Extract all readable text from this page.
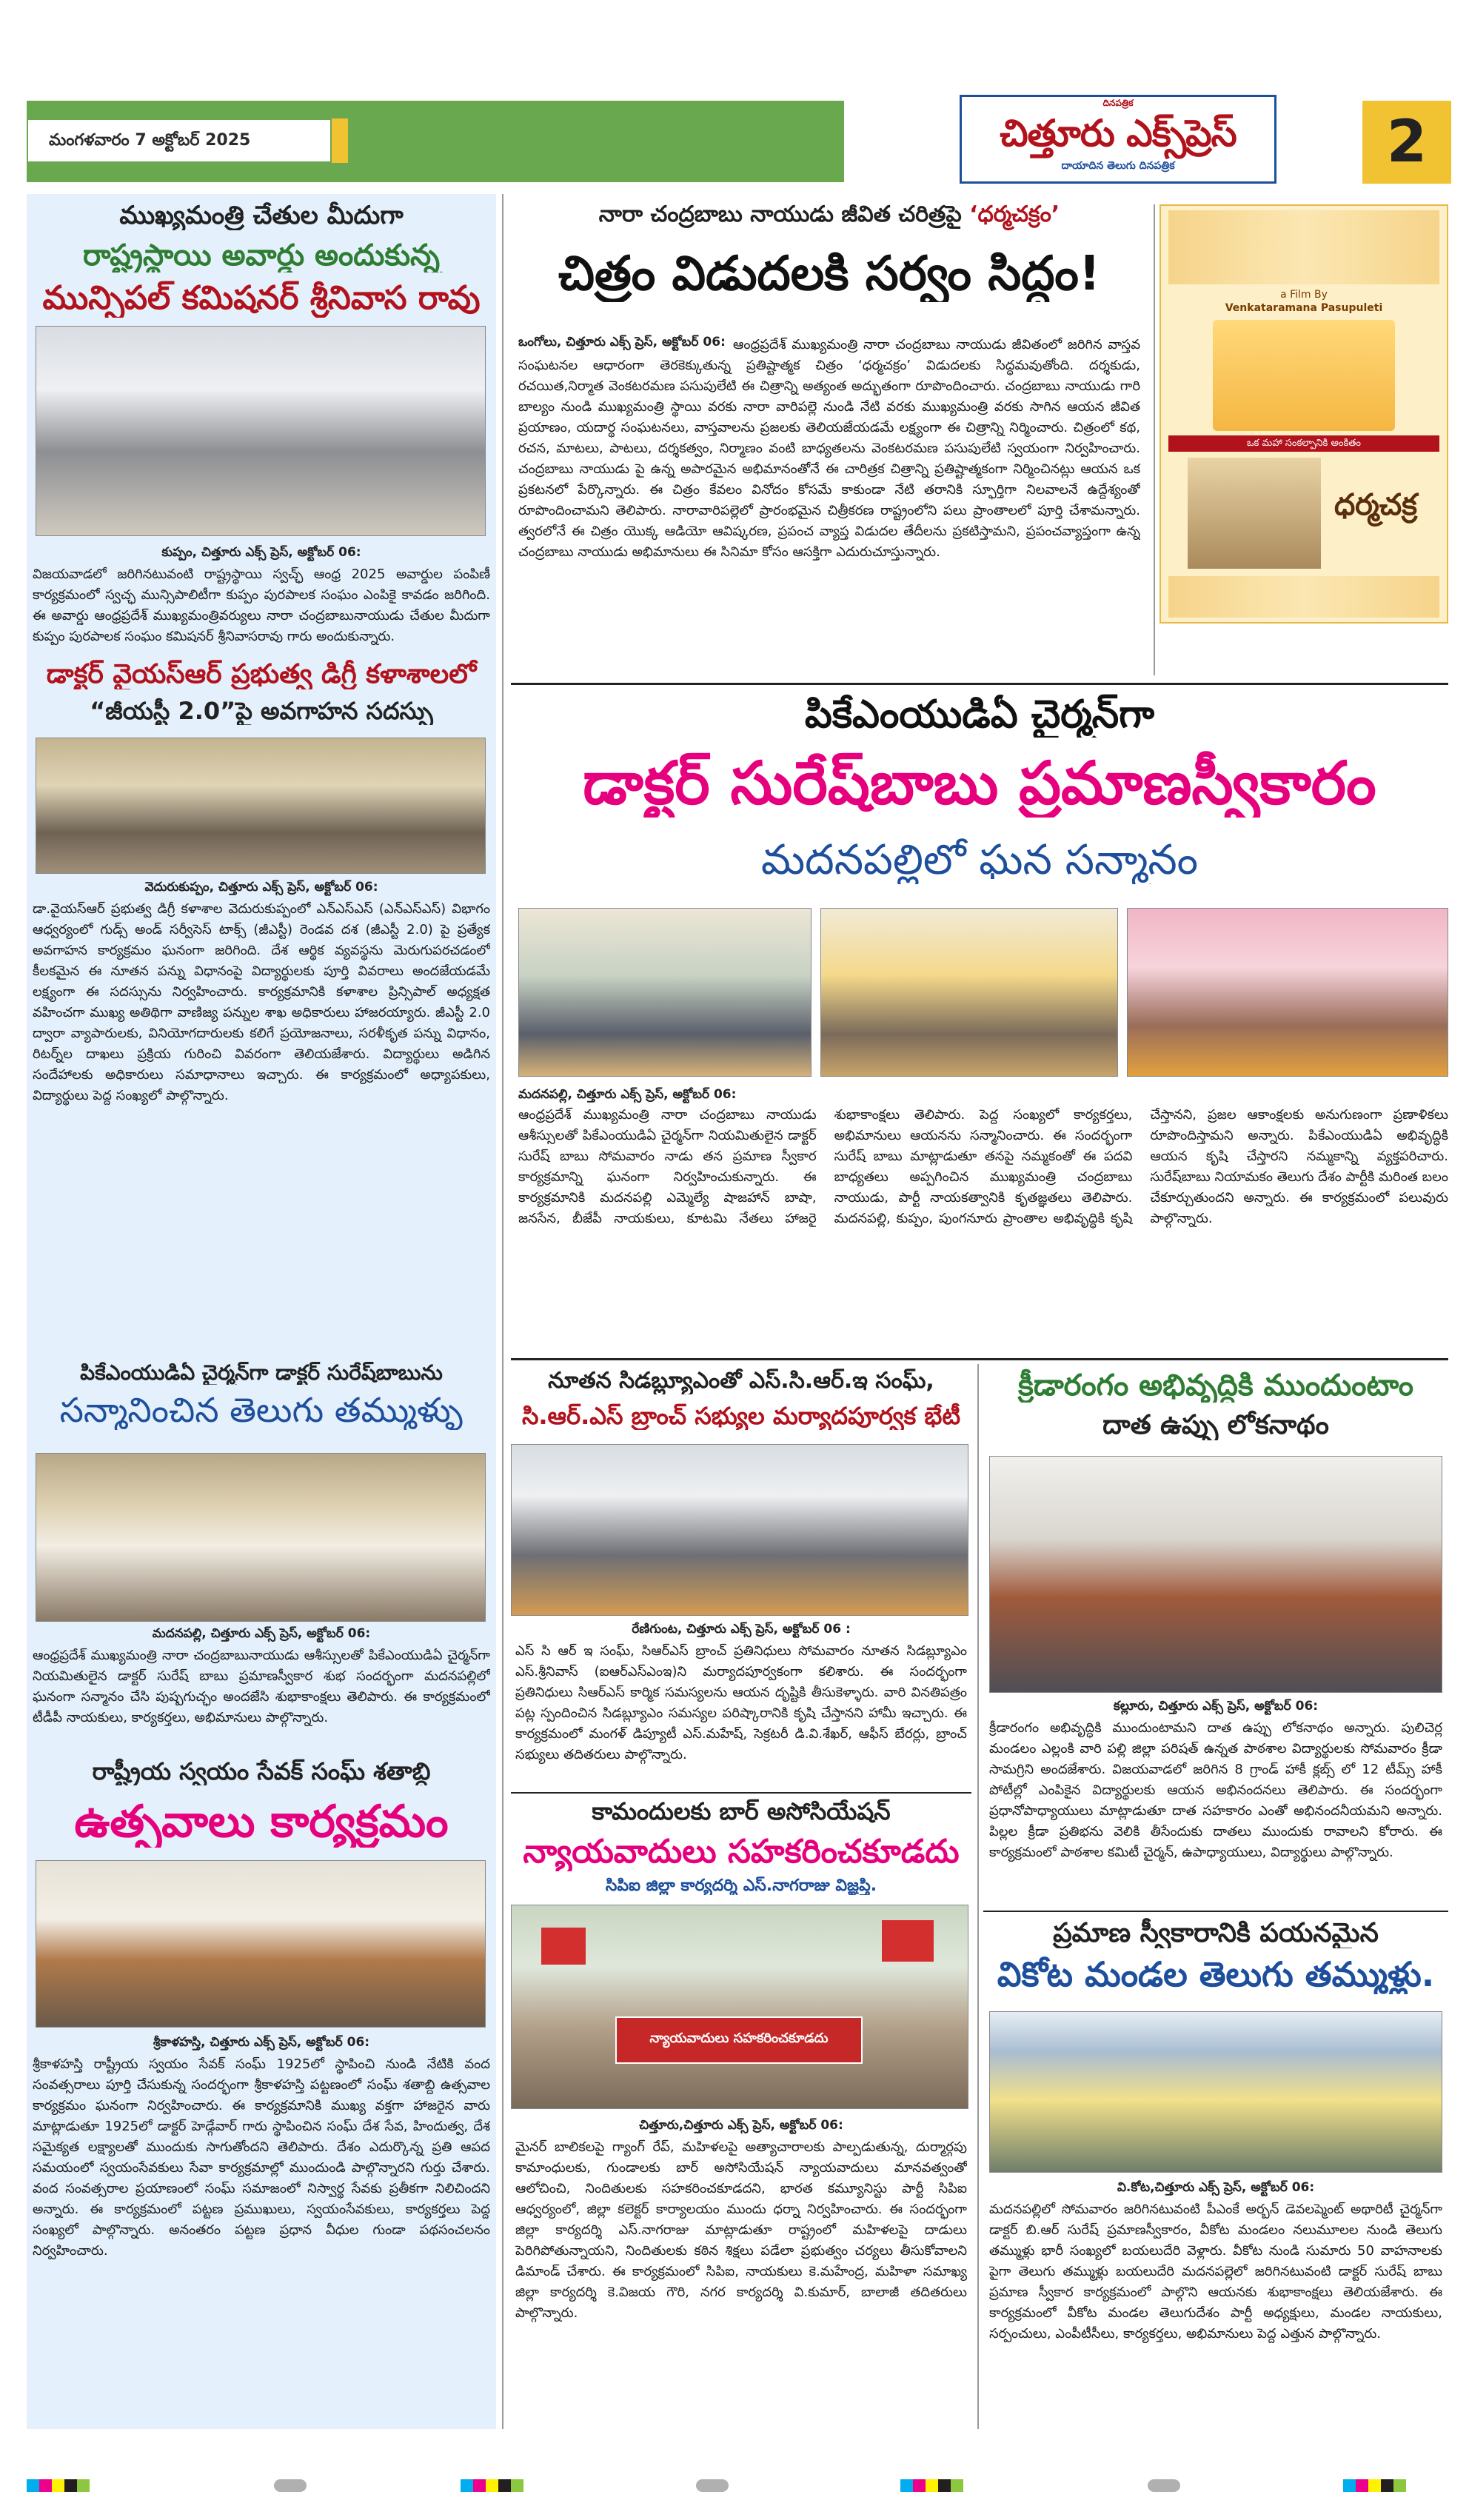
మంగళవారం 7 అక్టోబర్ 2025
దినపత్రిక
చిత్తూరు ఎక్స్‌ప్రెస్
దాయాదిన తెలుగు దినపత్రిక	2
ముఖ్యమంత్రి చేతుల మీదుగా
రాష్ట్రస్థాయి అవార్డు అందుకున్న
మున్సిపల్ కమిషనర్ శ్రీనివాస రావు
కుప్పం, చిత్తూరు ఎక్స్ ప్రెస్, అక్టోబర్ 06:
విజయవాడలో జరిగినటువంటి రాష్ట్రస్థాయి స్వచ్ఛ్ ఆంధ్ర 2025 అవార్డుల పంపిణీ కార్యక్రమంలో స్వచ్ఛ మున్సిపాలిటీగా కుప్పం పురపాలక సంఘం ఎంపికై కావడం జరిగింది. ఈ అవార్డు ఆంధ్రప్రదేశ్ ముఖ్యమంత్రివర్యులు నారా చంద్రబాబునాయుడు చేతుల మీదుగా కుప్పం పురపాలక సంఘం కమిషనర్ శ్రీనివాసరావు గారు అందుకున్నారు.
డాక్టర్ వైయస్ఆర్ ప్రభుత్వ డిగ్రీ కళాశాలలో
“జీయస్టీ 2.0”పై అవగాహన సదస్సు
వెదురుకుప్పం, చిత్తూరు ఎక్స్ ప్రెస్, అక్టోబర్ 06:
డా.వైయస్ఆర్ ప్రభుత్వ డిగ్రీ కళాశాల వెదురుకుప్పంలో ఎన్ఎస్ఎస్ (ఎన్ఎస్ఎస్) విభాగం ఆధ్వర్యంలో గుడ్స్ అండ్ సర్వీసెస్ టాక్స్ (జీఎస్టీ) రెండవ దశ (జీఎస్టీ 2.0) పై ప్రత్యేక అవగాహన కార్యక్రమం ఘనంగా జరిగింది. దేశ ఆర్థిక వ్యవస్థను మెరుగుపరచడంలో కీలకమైన ఈ నూతన పన్ను విధానంపై విద్యార్థులకు పూర్తి వివరాలు అందజేయడమే లక్ష్యంగా ఈ సదస్సును నిర్వహించారు. కార్యక్రమానికి కళాశాల ప్రిన్సిపాల్ అధ్యక్షత వహించగా ముఖ్య అతిథిగా వాణిజ్య పన్నుల శాఖ అధికారులు హాజరయ్యారు. జీఎస్టీ 2.0 ద్వారా వ్యాపారులకు, వినియోగదారులకు కలిగే ప్రయోజనాలు, సరళీకృత పన్ను విధానం, రిటర్న్‌ల దాఖలు ప్రక్రియ గురించి వివరంగా తెలియజేశారు. విద్యార్థులు అడిగిన సందేహాలకు అధికారులు సమాధానాలు ఇచ్చారు. ఈ కార్యక్రమంలో అధ్యాపకులు, విద్యార్థులు పెద్ద సంఖ్యలో పాల్గొన్నారు.
పికేఎంయుడిఏ చైర్మన్‌గా డాక్టర్ సురేష్‌బాబును
సన్మానించిన తెలుగు తమ్ముళ్ళు
మదనపల్లి, చిత్తూరు ఎక్స్ ప్రెస్, అక్టోబర్ 06:
ఆంధ్రప్రదేశ్ ముఖ్యమంత్రి నారా చంద్రబాబునాయుడు ఆశీస్సులతో పికేఎంయుడిఏ చైర్మన్‌గా నియమితులైన డాక్టర్ సురేష్ బాబు ప్రమాణస్వీకార శుభ సందర్భంగా మదనపల్లిలో ఘనంగా సన్మానం చేసి పుష్పగుచ్ఛం అందజేసి శుభాకాంక్షలు తెలిపారు. ఈ కార్యక్రమంలో టీడీపీ నాయకులు, కార్యకర్తలు, అభిమానులు పాల్గొన్నారు.
రాష్ట్రీయ స్వయం సేవక్ సంఘ్ శతాబ్ది
ఉత్సవాలు కార్యక్రమం
శ్రీకాళహస్తి, చిత్తూరు ఎక్స్ ప్రెస్, అక్టోబర్ 06:
శ్రీకాళహస్తి రాష్ట్రీయ స్వయం సేవక్ సంఘ్ 1925లో స్థాపించి నుండి నేటికి వంద సంవత్సరాలు పూర్తి చేసుకున్న సందర్భంగా శ్రీకాళహస్తి పట్టణంలో సంఘ్ శతాబ్ది ఉత్సవాల కార్యక్రమం ఘనంగా నిర్వహించారు. ఈ కార్యక్రమానికి ముఖ్య వక్తగా హాజరైన వారు మాట్లాడుతూ 1925లో డాక్టర్ హెడ్గేవార్ గారు స్థాపించిన సంఘ్ దేశ సేవ, హిందుత్వ, దేశ సమైక్యత లక్ష్యాలతో ముందుకు సాగుతోందని తెలిపారు. దేశం ఎదుర్కొన్న ప్రతి ఆపద సమయంలో స్వయంసేవకులు సేవా కార్యక్రమాల్లో ముందుండి పాల్గొన్నారని గుర్తు చేశారు. వంద సంవత్సరాల ప్రయాణంలో సంఘ్ సమాజంలో నిస్వార్థ సేవకు ప్రతీకగా నిలిచిందని అన్నారు. ఈ కార్యక్రమంలో పట్టణ ప్రముఖులు, స్వయంసేవకులు, కార్యకర్తలు పెద్ద సంఖ్యలో పాల్గొన్నారు. అనంతరం పట్టణ ప్రధాన వీధుల గుండా పథసంచలనం నిర్వహించారు.
నారా చంద్రబాబు నాయుడు జీవిత చరిత్రపై ‘ధర్మచక్రం’
చిత్రం విడుదలకి సర్వం సిద్ధం!
ఒంగోలు, చిత్తూరు ఎక్స్ ప్రెస్, అక్టోబర్ 06: ఆంధ్రప్రదేశ్ ముఖ్యమంత్రి నారా చంద్రబాబు నాయుడు జీవితంలో జరిగిన వాస్తవ సంఘటనల ఆధారంగా తెరకెక్కుతున్న ప్రతిష్టాత్మక చిత్రం ‘ధర్మచక్రం’ విడుదలకు సిద్ధమవుతోంది. దర్శకుడు, రచయిత,నిర్మాత వెంకటరమణ పసుపులేటి ఈ చిత్రాన్ని అత్యంత అద్భుతంగా రూపొందించారు. చంద్రబాబు నాయుడు గారి బాల్యం నుండి ముఖ్యమంత్రి స్థాయి వరకు నారా వారిపల్లె నుండి నేటి వరకు ముఖ్యమంత్రి వరకు సాగిన ఆయన జీవిత ప్రయాణం, యదార్థ సంఘటనలు, వాస్తవాలను ప్రజలకు తెలియజేయడమే లక్ష్యంగా ఈ చిత్రాన్ని నిర్మించారు. చిత్రంలో కథ, రచన, మాటలు, పాటలు, దర్శకత్వం, నిర్మాణం వంటి బాధ్యతలను వెంకటరమణ పసుపులేటి స్వయంగా నిర్వహించారు. చంద్రబాబు నాయుడు పై ఉన్న అపారమైన అభిమానంతోనే ఈ చారిత్రక చిత్రాన్ని ప్రతిష్టాత్మకంగా నిర్మించినట్లు ఆయన ఒక ప్రకటనలో పేర్కొన్నారు. ఈ చిత్రం కేవలం వినోదం కోసమే కాకుండా నేటి తరానికి స్ఫూర్తిగా నిలవాలనే ఉద్దేశ్యంతో రూపొందించామని తెలిపారు. నారావారిపల్లెలో ప్రారంభమైన చిత్రీకరణ రాష్ట్రంలోని పలు ప్రాంతాలలో పూర్తి చేశామన్నారు. త్వరలోనే ఈ చిత్రం యొక్క ఆడియో ఆవిష్కరణ, ప్రపంచ వ్యాప్త విడుదల తేదీలను ప్రకటిస్తామని, ప్రపంచవ్యాప్తంగా ఉన్న చంద్రబాబు నాయుడు అభిమానులు ఈ సినిమా కోసం ఆసక్తిగా ఎదురుచూస్తున్నారు.
a Film By
Venkataramana Pasupuleti
ఒక మహా సంకల్పానికి అంకితం
ధర్మచక్ర
పికేఎంయుడిఏ చైర్మన్‌గా
డాక్టర్ సురేష్‌బాబు ప్రమాణస్వీకారం
మదనపల్లిలో ఘన సన్మానం
మదనపల్లి, చిత్తూరు ఎక్స్ ప్రెస్, అక్టోబర్ 06:
ఆంధ్రప్రదేశ్ ముఖ్యమంత్రి నారా చంద్రబాబు నాయుడు ఆశీస్సులతో పికేఎంయుడిఏ చైర్మన్‌గా నియమితులైన డాక్టర్ సురేష్ బాబు సోమవారం నాడు తన ప్రమాణ స్వీకార కార్యక్రమాన్ని ఘనంగా నిర్వహించుకున్నారు. ఈ కార్యక్రమానికి మదనపల్లి ఎమ్మెల్యే షాజహాన్ బాషా, జనసేన, బీజేపీ నాయకులు, కూటమి నేతలు హాజరై శుభాకాంక్షలు తెలిపారు. పెద్ద సంఖ్యలో కార్యకర్తలు, అభిమానులు ఆయనను సన్మానించారు. ఈ సందర్భంగా సురేష్ బాబు మాట్లాడుతూ తనపై నమ్మకంతో ఈ పదవి బాధ్యతలు అప్పగించిన ముఖ్యమంత్రి చంద్రబాబు నాయుడు, పార్టీ నాయకత్వానికి కృతజ్ఞతలు తెలిపారు. మదనపల్లి, కుప్పం, పుంగనూరు ప్రాంతాల అభివృద్ధికి కృషి చేస్తానని, ప్రజల ఆకాంక్షలకు అనుగుణంగా ప్రణాళికలు రూపొందిస్తామని అన్నారు. పికేఎంయుడిఏ అభివృద్ధికి ఆయన కృషి చేస్తారని నమ్మకాన్ని వ్యక్తపరిచారు. సురేష్‌బాబు నియామకం తెలుగు దేశం పార్టీకి మరింత బలం చేకూర్చుతుందని అన్నారు. ఈ కార్యక్రమంలో పలువురు పాల్గొన్నారు.
నూతన సిడబ్ల్యూఎంతో ఎస్.సి.ఆర్.ఇ సంఘ్,
సి.ఆర్.ఎస్ బ్రాంచ్ సభ్యుల మర్యాదపూర్వక భేటీ
రేణిగుంట, చిత్తూరు ఎక్స్ ప్రెస్, అక్టోబర్ 06 :
ఎస్ సి ఆర్ ఇ సంఘ్, సిఆర్ఎస్ బ్రాంచ్ ప్రతినిధులు సోమవారం నూతన సిడబ్ల్యూఎం ఎస్.శ్రీనివాస్ (ఐఆర్ఎస్ఎంఇ)ని మర్యాదపూర్వకంగా కలిశారు. ఈ సందర్భంగా ప్రతినిధులు సిఆర్ఎస్ కార్మిక సమస్యలను ఆయన దృష్టికి తీసుకెళ్ళారు. వారి వినతిపత్రం పట్ల స్పందించిన సిడబ్ల్యూఎం సమస్యల పరిష్కారానికి కృషి చేస్తానని హామీ ఇచ్చారు. ఈ కార్యక్రమంలో మంగళ్ డిప్యూటీ ఎస్.మహేష్, సెక్రటరీ డి.వి.శేఖర్, ఆఫీస్ బేరర్లు, బ్రాంచ్ సభ్యులు తదితరులు పాల్గొన్నారు.
కామందులకు బార్ అసోసియేషన్
న్యాయవాదులు సహకరించకూడదు
సిపిఐ జిల్లా కార్యదర్శి ఎస్.నాగరాజు విజ్ఞప్తి.
న్యాయవాదులు సహకరించకూడదు
చిత్తూరు,చిత్తూరు ఎక్స్ ప్రెస్, అక్టోబర్ 06:
మైనర్ బాలికలపై గ్యాంగ్ రేప్, మహిళలపై అత్యాచారాలకు పాల్పడుతున్న, దుర్మార్గపు కామాంధులకు, గుండాలకు బార్ అసోసియేషన్ న్యాయవాదులు మానవత్వంతో ఆలోచించి, నిందితులకు సహకరించకూడదని, భారత కమ్యూనిస్టు పార్టీ సిపిఐ ఆధ్వర్యంలో, జిల్లా కలెక్టర్ కార్యాలయం ముందు ధర్నా నిర్వహించారు. ఈ సందర్భంగా జిల్లా కార్యదర్శి ఎస్.నాగరాజు మాట్లాడుతూ రాష్ట్రంలో మహిళలపై దాడులు పెరిగిపోతున్నాయని, నిందితులకు కఠిన శిక్షలు పడేలా ప్రభుత్వం చర్యలు తీసుకోవాలని డిమాండ్ చేశారు. ఈ కార్యక్రమంలో సిపిఐ, నాయకులు కె.మహేంద్ర, మహిళా సమాఖ్య జిల్లా కార్యదర్శి కె.విజయ గౌరి, నగర కార్యదర్శి వి.కుమార్, బాలాజీ తదితరులు పాల్గొన్నారు.
క్రీడారంగం అభివృద్ధికి ముందుంటాం
దాత ఉప్పు లోకనాథం
కల్లూరు, చిత్తూరు ఎక్స్ ప్రెస్, అక్టోబర్ 06:
క్రీడారంగం అభివృద్ధికి ముందుంటామని దాత ఉప్పు లోకనాథం అన్నారు. పులిచెర్ల మండలం ఎల్లంకి వారి పల్లి జిల్లా పరిషత్ ఉన్నత పాఠశాల విద్యార్థులకు సోమవారం క్రీడా సామగ్రిని అందజేశారు. విజయవాడలో జరిగిన 8 గ్రాండ్ హాకీ క్లబ్స్ లో 12 టీమ్స్ హాకీ పోటీల్లో ఎంపికైన విద్యార్థులకు ఆయన అభినందనలు తెలిపారు. ఈ సందర్భంగా ప్రధానోపాధ్యాయులు మాట్లాడుతూ దాత సహకారం ఎంతో అభినందనీయమని అన్నారు. పిల్లల క్రీడా ప్రతిభను వెలికి తీసేందుకు దాతలు ముందుకు రావాలని కోరారు. ఈ కార్యక్రమంలో పాఠశాల కమిటీ చైర్మన్, ఉపాధ్యాయులు, విద్యార్థులు పాల్గొన్నారు.
ప్రమాణ స్వీకారానికి పయనమైన
వికోట మండల తెలుగు తమ్ముళ్లు.
వి.కోట,చిత్తూరు ఎక్స్ ప్రెస్, అక్టోబర్ 06:
మదనపల్లిలో సోమవారం జరిగినటువంటి పీఎంకే అర్బన్ డెవలప్మెంట్ అథారిటీ చైర్మన్‌గా డాక్టర్ బి.ఆర్ సురేష్ ప్రమాణస్వీకారం, వీకోట మండలం నలుమూలల నుండి తెలుగు తమ్ముళ్లు భారీ సంఖ్యలో బయలుదేరి వెళ్లారు. వీకోట నుండి సుమారు 50 వాహనాలకు పైగా తెలుగు తమ్ముళ్లు బయలుదేరి మదనపల్లెలో జరిగినటువంటి డాక్టర్ సురేష్ బాబు ప్రమాణ స్వీకార కార్యక్రమంలో పాల్గొని ఆయనకు శుభాకాంక్షలు తెలియజేశారు. ఈ కార్యక్రమంలో వీకోట మండల తెలుగుదేశం పార్టీ అధ్యక్షులు, మండల నాయకులు, సర్పంచులు, ఎంపీటీసీలు, కార్యకర్తలు, అభిమానులు పెద్ద ఎత్తున పాల్గొన్నారు.
